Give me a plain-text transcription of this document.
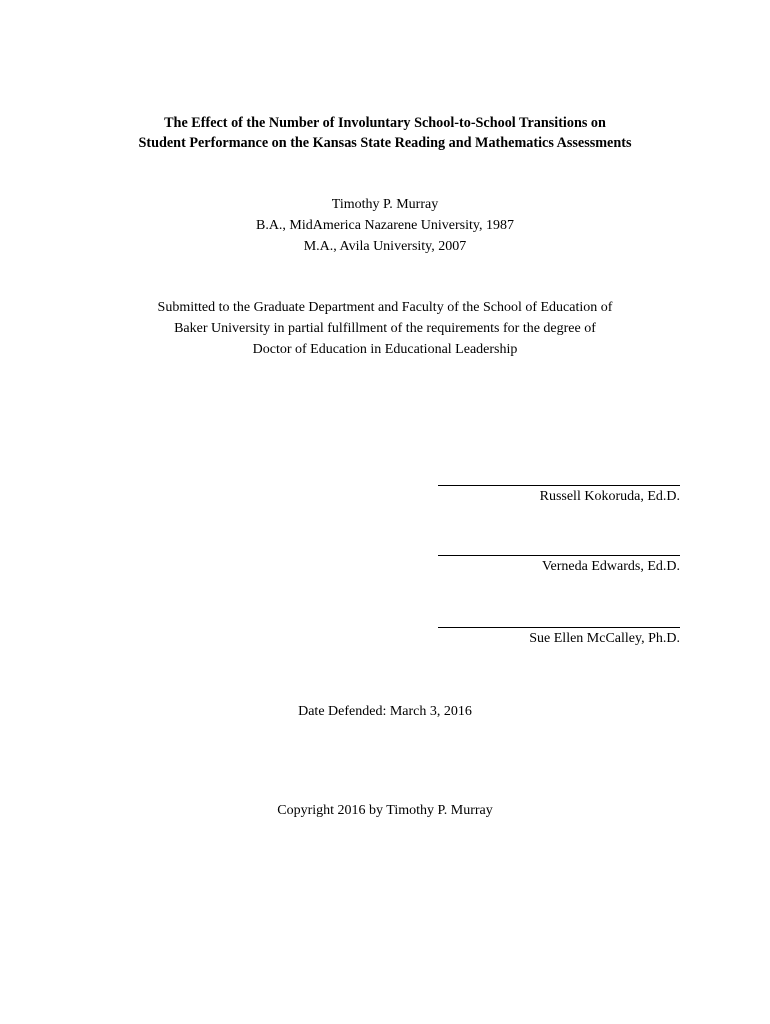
The Effect of the Number of Involuntary School-to-School Transitions on
Student Performance on the Kansas State Reading and Mathematics Assessments
Timothy P. Murray
B.A., MidAmerica Nazarene University, 1987
M.A., Avila University, 2007
Submitted to the Graduate Department and Faculty of the School of Education of
Baker University in partial fulfillment of the requirements for the degree of
Doctor of Education in Educational Leadership
Russell Kokoruda, Ed.D.
Verneda Edwards, Ed.D.
Sue Ellen McCalley, Ph.D.
Date Defended: March 3, 2016
Copyright 2016 by Timothy P. Murray
